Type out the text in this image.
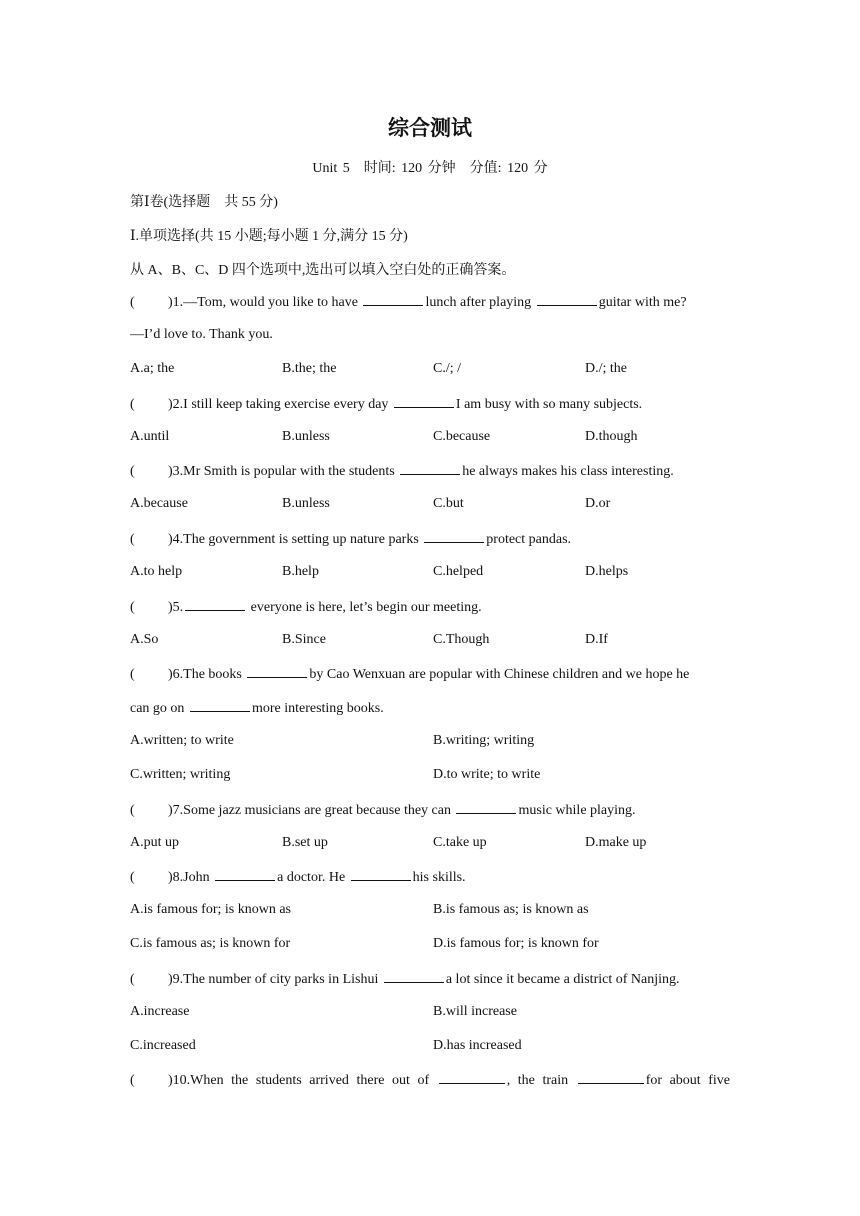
综合测试
Unit 5　时间: 120 分钟　分值: 120 分
第Ⅰ卷(选择题　共 55 分)
Ⅰ.单项选择(共 15 小题;每小题 1 分,满分 15 分)
从 A、B、C、D 四个选项中,选出可以填入空白处的正确答案。
( )1.—Tom, would you like to have	lunch after playing	guitar with me?
—I’d love to. Thank you.
A.a; the	B.the; the	C./; /	D./; the
( )2.I still keep taking exercise every day	I am busy with so many subjects.
A.until	B.unless	C.because	D.though
( )3.Mr Smith is popular with the students	he always makes his class interesting.
A.because	B.unless	C.but	D.or
( )4.The government is setting up nature parks	protect pandas.
A.to help	B.help	C.helped	D.helps
( )5.	everyone is here, let’s begin our meeting.
A.So	B.Since	C.Though	D.If
( )6.The books	by Cao Wenxuan are popular with Chinese children and we hope he
can go on	more interesting books.
A.written; to write	B.writing; writing
C.written; writing	D.to write; to write
( )7.Some jazz musicians are great because they can	music while playing.
A.put up	B.set up	C.take up	D.make up
( )8.John	a doctor. He	his skills.
A.is famous for; is known as	B.is famous as; is known as
C.is famous as; is known for	D.is famous for; is known for
( )9.The number of city parks in Lishui	a lot since it became a district of Nanjing.
A.increase	B.will increase
C.increased	D.has increased
( )10.When the students arrived there out of	, the train	for about five
